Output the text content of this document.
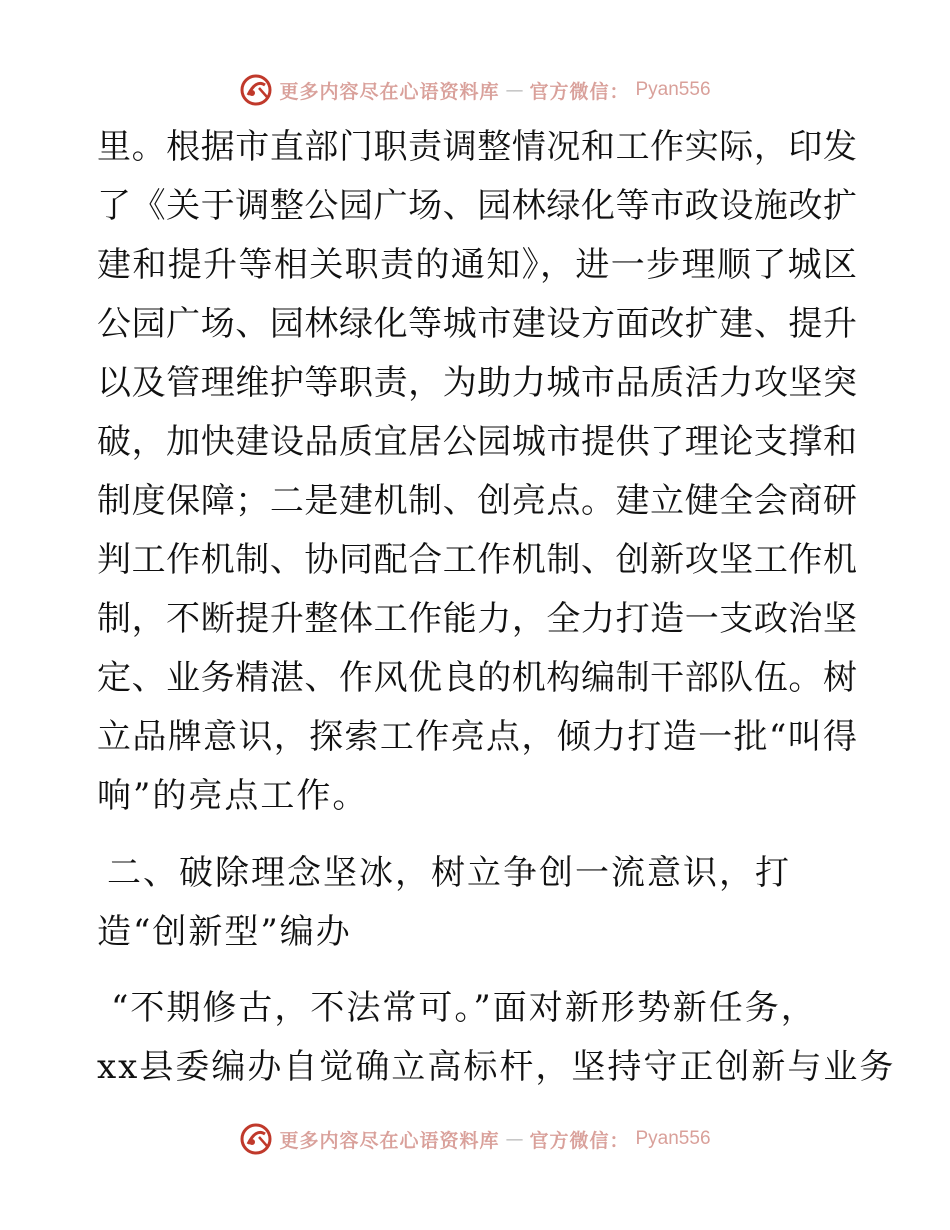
更多内容尽在心语资料库 — 官方微信： Pyan556
里。根据市直部门职责调整情况和工作实际，印发
了《关于调整公园广场、园林绿化等市政设施改扩
建和提升等相关职责的通知》，进一步理顺了城区
公园广场、园林绿化等城市建设方面改扩建、提升
以及管理维护等职责，为助力城市品质活力攻坚突
破，加快建设品质宜居公园城市提供了理论支撑和
制度保障；二是建机制、创亮点。建立健全会商研
判工作机制、协同配合工作机制、创新攻坚工作机
制，不断提升整体工作能力，全力打造一支政治坚
定、业务精湛、作风优良的机构编制干部队伍。树
立品牌意识，探索工作亮点，倾力打造一批“叫得
响”的亮点工作。
二、破除理念坚冰，树立争创一流意识，打
造“创新型”编办
“不期修古，不法常可。”面对新形势新任务，
xx县委编办自觉确立高标杆，坚持守正创新与业务
更多内容尽在心语资料库 — 官方微信： Pyan556
